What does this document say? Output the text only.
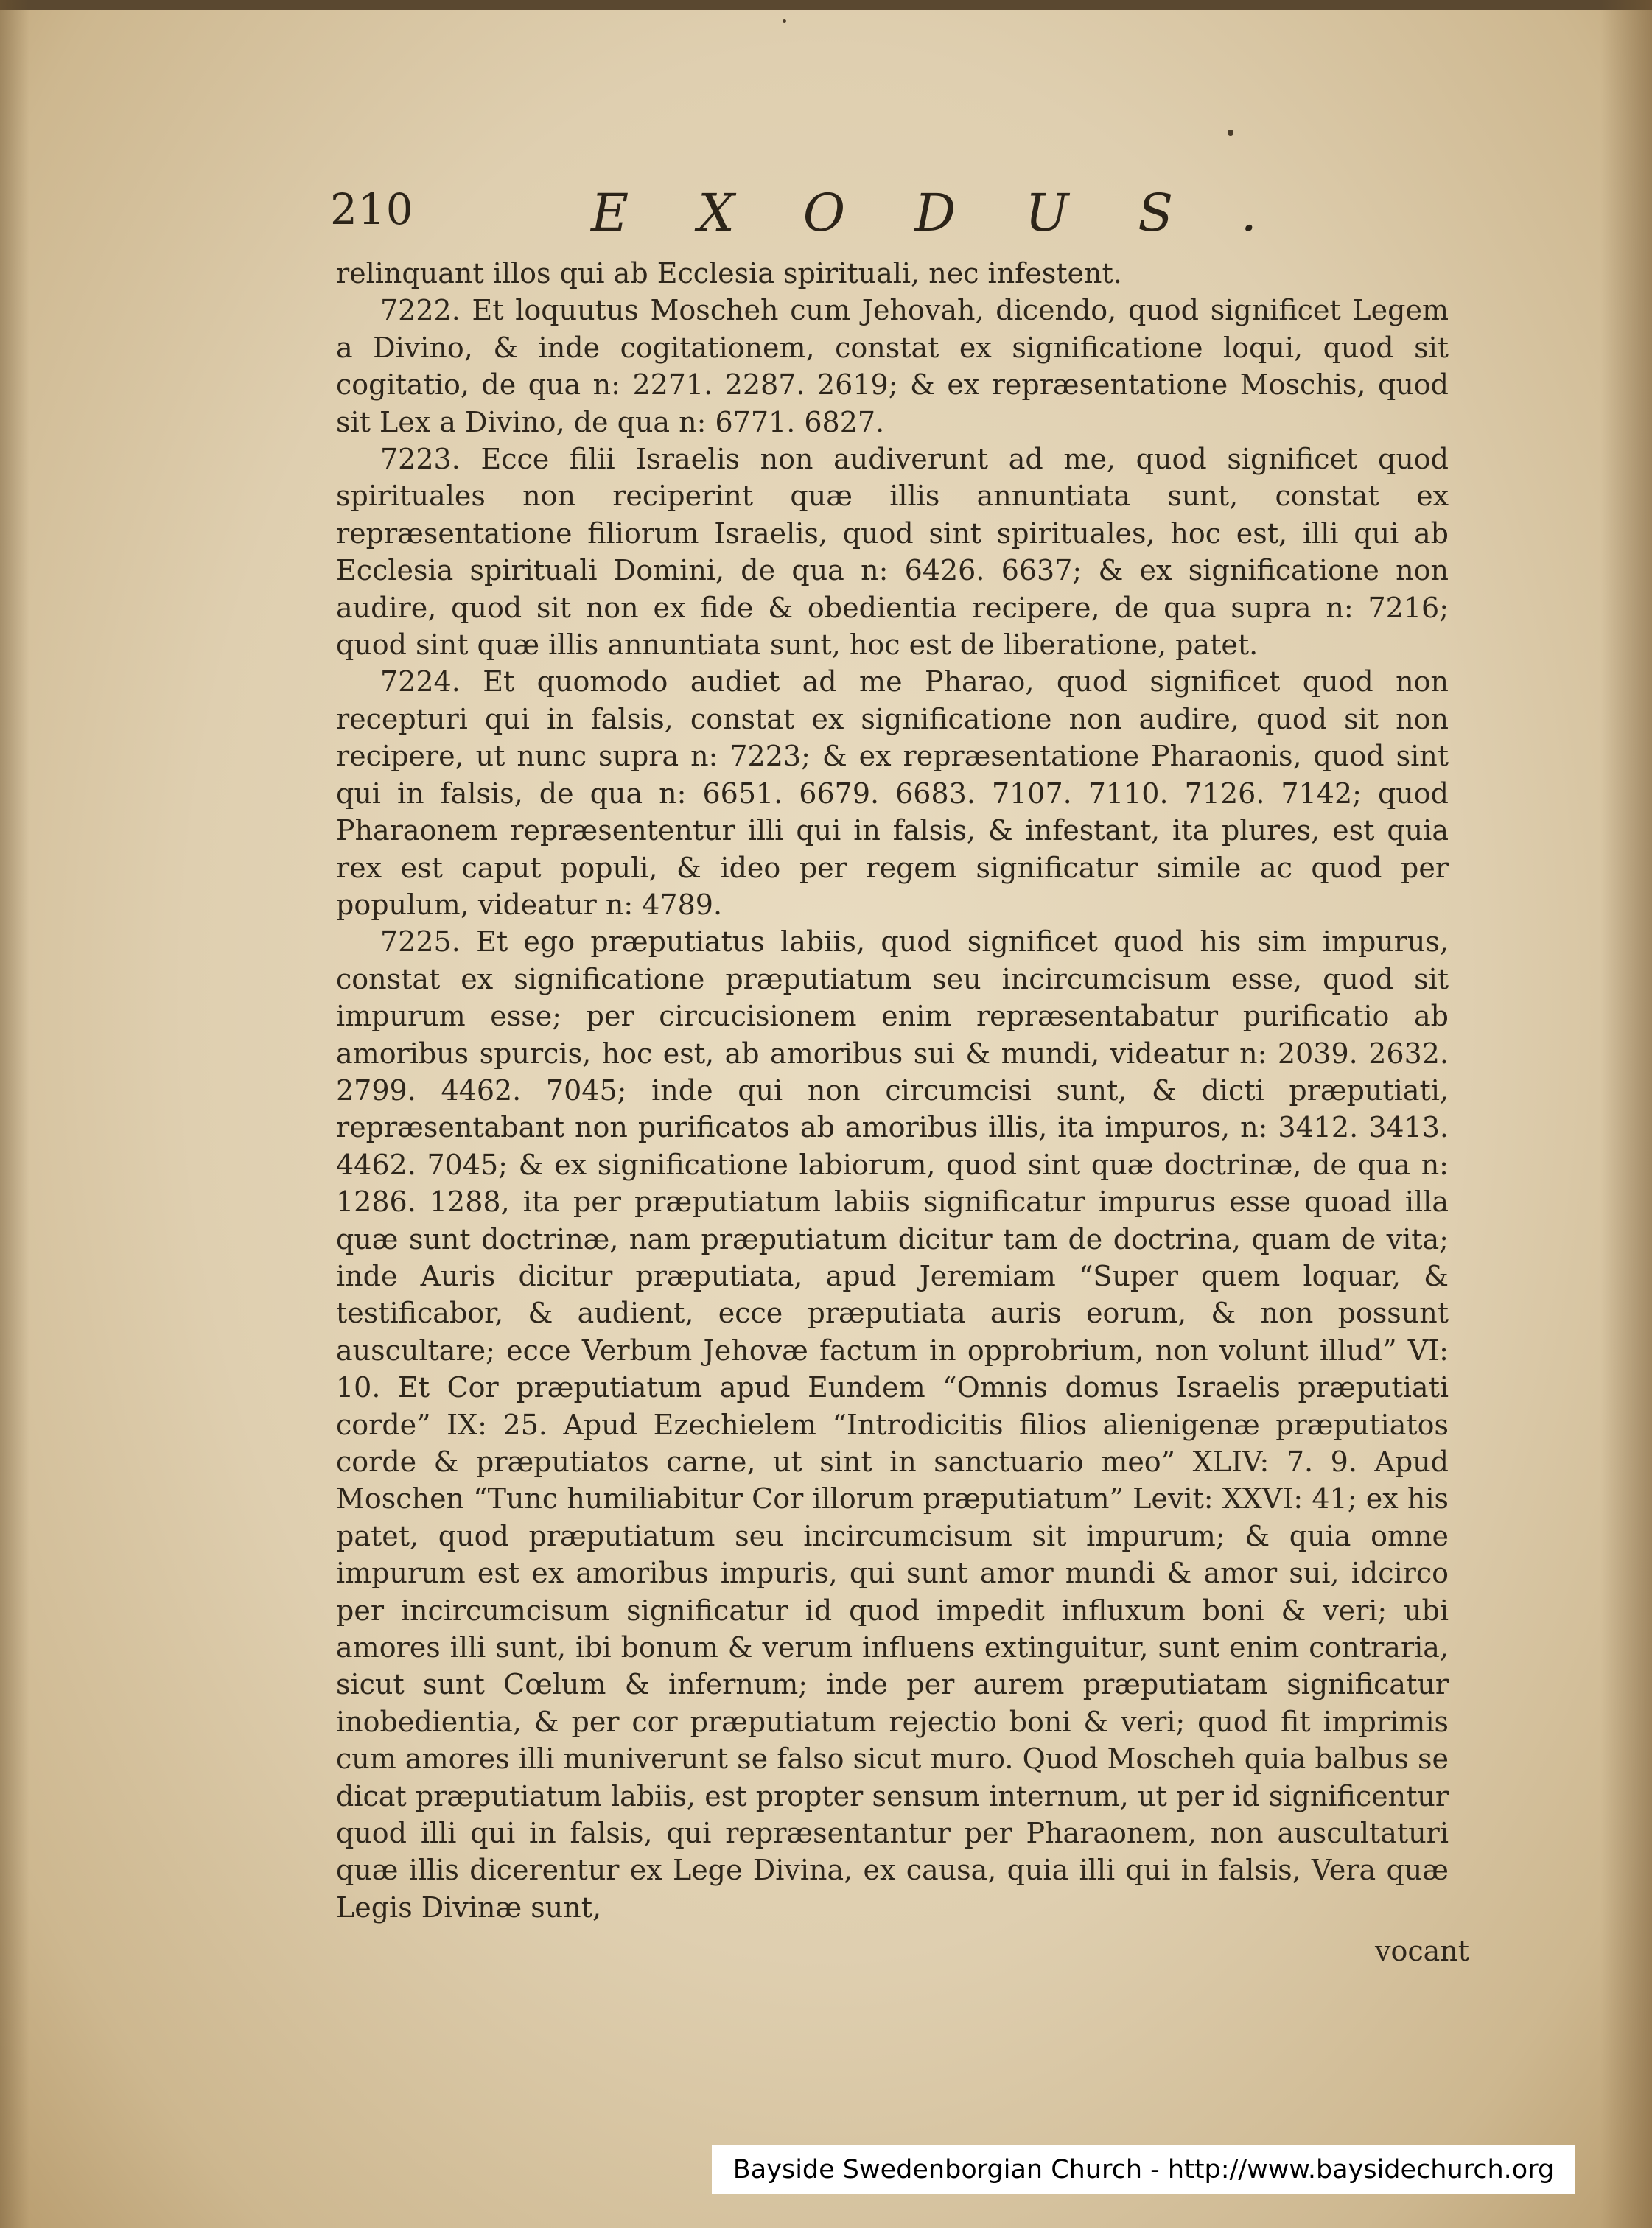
210	EXODUS.

relinquant illos qui ab Ecclesia spirituali, nec infestent.

7222. Et loquutus Moscheh cum Jehovah, dicendo, quod significet Legem a Divino, & inde cogitationem, constat ex significatione loqui, quod sit cogitatio, de qua n: 2271. 2287. 2619; & ex repræsentatione Moschis, quod sit Lex a Divino, de qua n: 6771. 6827.

7223. Ecce filii Israelis non audiverunt ad me, quod significet quod spirituales non reciperint quæ illis annuntiata sunt, constat ex repræsentatione filiorum Israelis, quod sint spirituales, hoc est, illi qui ab Ecclesia spirituali Domini, de qua n: 6426. 6637; & ex significatione non audire, quod sit non ex fide & obedientia recipere, de qua supra n: 7216; quod sint quæ illis annuntiata sunt, hoc est de liberatione, patet.

7224. Et quomodo audiet ad me Pharao, quod significet quod non recepturi qui in falsis, constat ex significatione non audire, quod sit non recipere, ut nunc supra n: 7223; & ex repræsentatione Pharaonis, quod sint qui in falsis, de qua n: 6651. 6679. 6683. 7107. 7110. 7126. 7142; quod Pharaonem repræsententur illi qui in falsis, & infestant, ita plures, est quia rex est caput populi, & ideo per regem significatur simile ac quod per populum, videatur n: 4789.

7225. Et ego præputiatus labiis, quod significet quod his sim impurus, constat ex significatione præputiatum seu incircumcisum esse, quod sit impurum esse; per circucisionem enim repræsentabatur purificatio ab amoribus spurcis, hoc est, ab amoribus sui & mundi, videatur n: 2039. 2632. 2799. 4462. 7045; inde qui non circumcisi sunt, & dicti præputiati, repræsentabant non purificatos ab amoribus illis, ita impuros, n: 3412. 3413. 4462. 7045; & ex significatione labiorum, quod sint quæ doctrinæ, de qua n: 1286. 1288, ita per præputiatum labiis significatur impurus esse quoad illa quæ sunt doctrinæ, nam præputiatum dicitur tam de doctrina, quam de vita; inde Auris dicitur præputiata, apud Jeremiam “Super quem loquar, & testificabor, & audient, ecce præputiata auris eorum, & non possunt auscultare; ecce Verbum Jehovæ factum in opprobrium, non volunt illud” VI: 10. Et Cor præputiatum apud Eundem “Omnis domus Israelis præputiati corde” IX: 25. Apud Ezechielem “Introdicitis filios alienigenæ præputiatos corde & præputiatos carne, ut sint in sanctuario meo” XLIV: 7. 9. Apud Moschen “Tunc humiliabitur Cor illorum præputiatum” Levit: XXVI: 41; ex his patet, quod præputiatum seu incircumcisum sit impurum; & quia omne impurum est ex amoribus impuris, qui sunt amor mundi & amor sui, idcirco per incircumcisum significatur id quod impedit influxum boni & veri; ubi amores illi sunt, ibi bonum & verum influens extinguitur, sunt enim contraria, sicut sunt Cœlum & infernum; inde per aurem præputiatam significatur inobedientia, & per cor præputiatum rejectio boni & veri; quod fit imprimis cum amores illi muniverunt se falso sicut muro. Quod Moscheh quia balbus se dicat præputiatum labiis, est propter sensum internum, ut per id significentur quod illi qui in falsis, qui repræsentantur per Pharaonem, non auscultaturi quæ illis dicerentur ex Lege Divina, ex causa, quia illi qui in falsis, Vera quæ Legis Divinæ sunt,

vocant
Bayside Swedenborgian Church - http://www.baysidechurch.org
